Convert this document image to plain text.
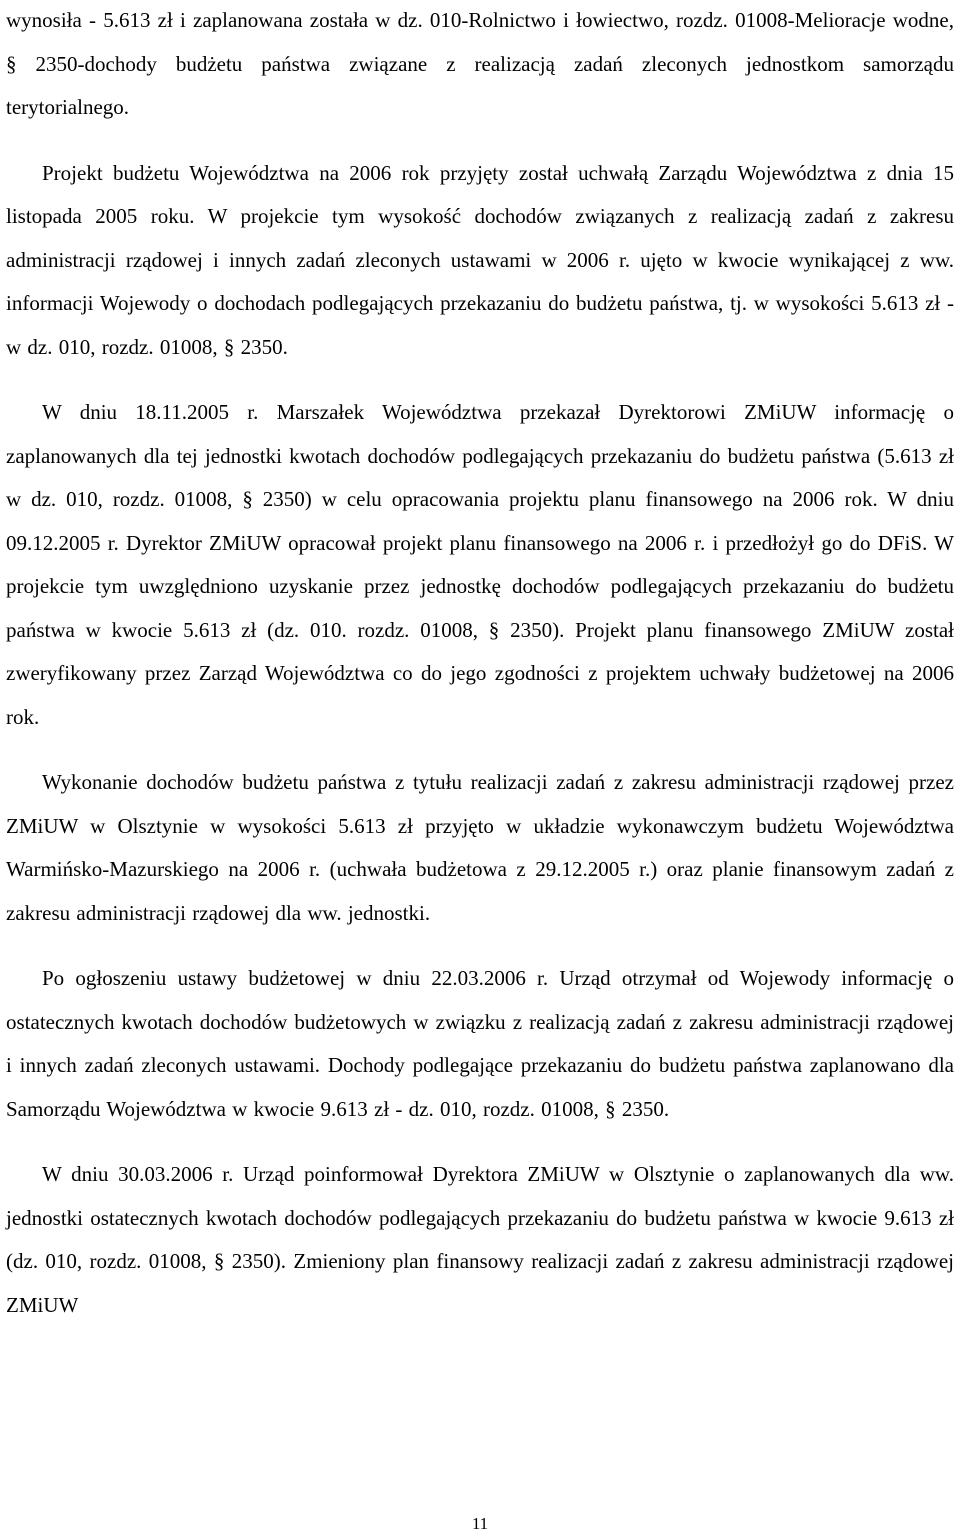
wynosiła - 5.613 zł i zaplanowana została w dz. 010-Rolnictwo i łowiectwo, rozdz. 01008-Melioracje wodne, § 2350-dochody budżetu państwa związane z realizacją zadań zleconych jednostkom samorządu terytorialnego.

Projekt budżetu Województwa na 2006 rok przyjęty został uchwałą Zarządu Województwa z dnia 15 listopada 2005 roku. W projekcie tym wysokość dochodów związanych z realizacją zadań z zakresu administracji rządowej i innych zadań zleconych ustawami w 2006 r. ujęto w kwocie wynikającej z ww. informacji Wojewody o dochodach podlegających przekazaniu do budżetu państwa, tj. w wysokości 5.613 zł - w dz. 010, rozdz. 01008, § 2350.

W dniu 18.11.2005 r. Marszałek Województwa przekazał Dyrektorowi ZMiUW informację o zaplanowanych dla tej jednostki kwotach dochodów podlegających przekazaniu do budżetu państwa (5.613 zł w dz. 010, rozdz. 01008, § 2350) w celu opracowania projektu planu finansowego na 2006 rok. W dniu 09.12.2005 r. Dyrektor ZMiUW opracował projekt planu finansowego na 2006 r. i przedłożył go do DFiS. W projekcie tym uwzględniono uzyskanie przez jednostkę dochodów podlegających przekazaniu do budżetu państwa w kwocie 5.613 zł (dz. 010. rozdz. 01008, § 2350). Projekt planu finansowego ZMiUW został zweryfikowany przez Zarząd Województwa co do jego zgodności z projektem uchwały budżetowej na 2006 rok.

Wykonanie dochodów budżetu państwa z tytułu realizacji zadań z zakresu administracji rządowej przez ZMiUW w Olsztynie w wysokości 5.613 zł przyjęto w układzie wykonawczym budżetu Województwa Warmińsko-Mazurskiego na 2006 r. (uchwała budżetowa z 29.12.2005 r.) oraz planie finansowym zadań z zakresu administracji rządowej dla ww. jednostki.

Po ogłoszeniu ustawy budżetowej w dniu 22.03.2006 r. Urząd otrzymał od Wojewody informację o ostatecznych kwotach dochodów budżetowych w związku z realizacją zadań z zakresu administracji rządowej i innych zadań zleconych ustawami. Dochody podlegające przekazaniu do budżetu państwa zaplanowano dla Samorządu Województwa w kwocie 9.613 zł - dz. 010, rozdz. 01008, § 2350.

W dniu 30.03.2006 r. Urząd poinformował Dyrektora ZMiUW w Olsztynie o zaplanowanych dla ww. jednostki ostatecznych kwotach dochodów podlegających przekazaniu do budżetu państwa w kwocie 9.613 zł (dz. 010, rozdz. 01008, § 2350). Zmieniony plan finansowy realizacji zadań z zakresu administracji rządowej ZMiUW

11
